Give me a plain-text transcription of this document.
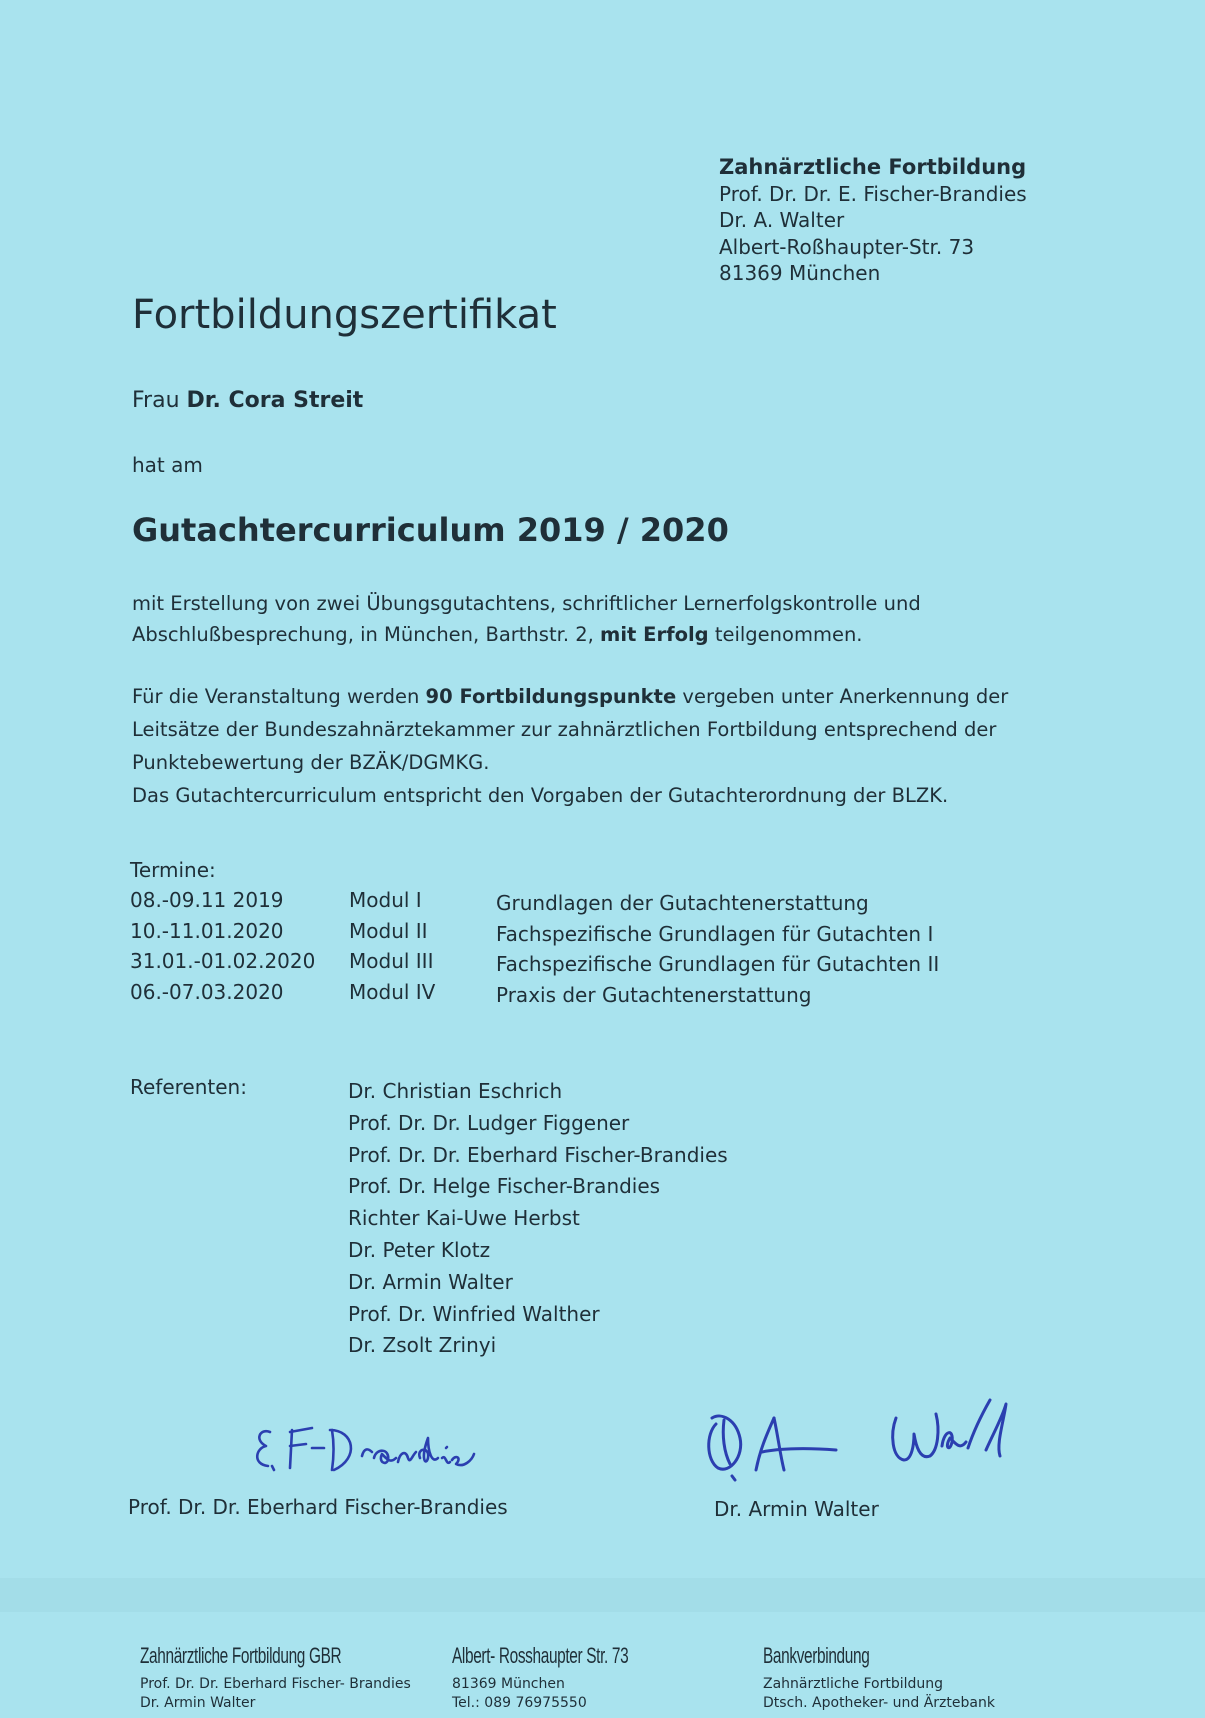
Zahnärztliche Fortbildung
Prof. Dr. Dr. E. Fischer-Brandies
Dr. A. Walter
Albert-Roßhaupter-Str. 73
81369 München
Fortbildungszertifikat
Frau Dr. Cora Streit
hat am
Gutachtercurriculum 2019 / 2020
mit Erstellung von zwei Übungsgutachtens, schriftlicher Lernerfolgskontrolle und
Abschlußbesprechung, in München, Barthstr. 2, mit Erfolg teilgenommen.
Für die Veranstaltung werden 90 Fortbildungspunkte vergeben unter Anerkennung der
Leitsätze der Bundeszahnärztekammer zur zahnärztlichen Fortbildung entsprechend der
Punktebewertung der BZÄK/DGMKG.
Das Gutachtercurriculum entspricht den Vorgaben der Gutachterordnung der BLZK.
Termine:
08.-09.11 2019	Modul I	Grundlagen der Gutachtenerstattung
10.-11.01.2020	Modul II	Fachspezifische Grundlagen für Gutachten I
31.01.-01.02.2020 Modul III	Fachspezifische Grundlagen für Gutachten II
06.-07.03.2020	Modul IV	Praxis der Gutachtenerstattung
Referenten:	Dr. Christian Eschrich
Prof. Dr. Dr. Ludger Figgener
Prof. Dr. Dr. Eberhard Fischer-Brandies
Prof. Dr. Helge Fischer-Brandies
Richter Kai-Uwe Herbst
Dr. Peter Klotz
Dr. Armin Walter
Prof. Dr. Winfried Walther
Dr. Zsolt Zrinyi
Prof. Dr. Dr. Eberhard Fischer-Brandies	Dr. Armin Walter
Zahnärztliche Fortbildung GBR
Prof. Dr. Dr. Eberhard Fischer- Brandies
Dr. Armin Walter
Albert- Rosshaupter Str. 73
81369 München
Tel.: 089 76975550
Bankverbindung
Zahnärztliche Fortbildung
Dtsch. Apotheker- und Ärztebank
